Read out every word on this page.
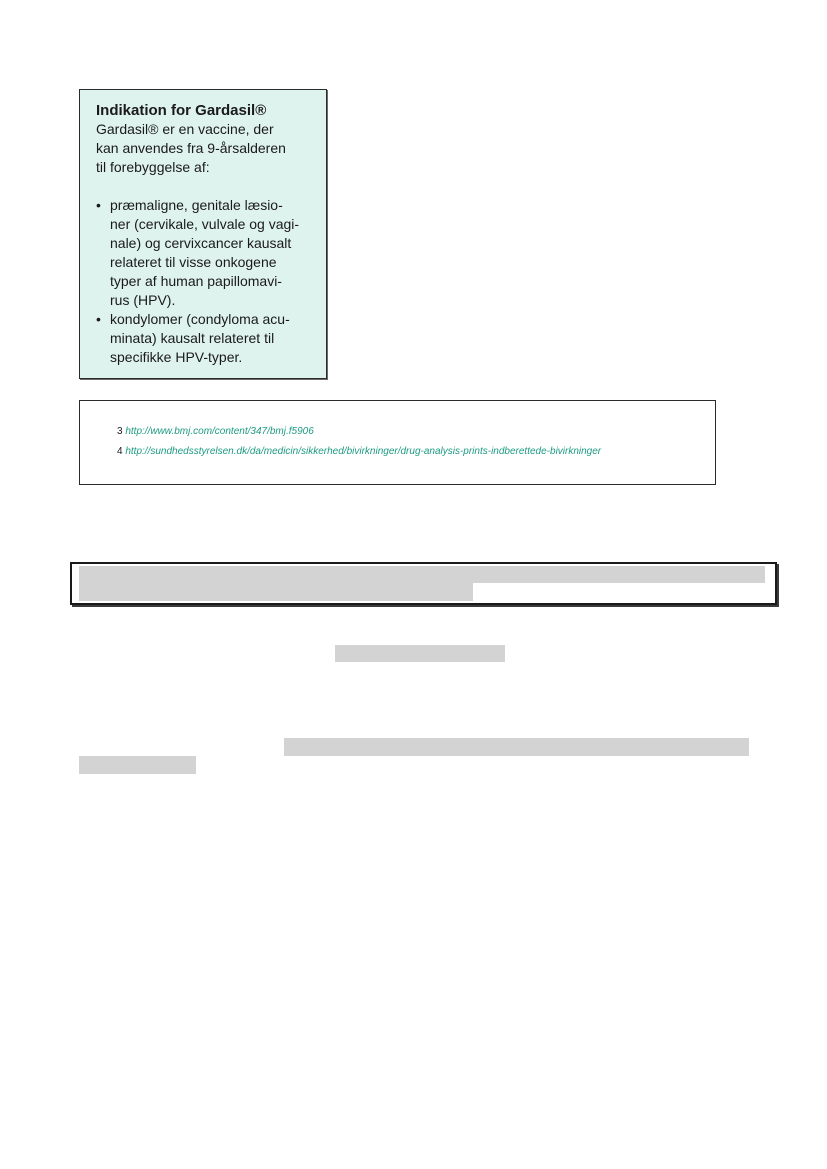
Indikation for Gardasil®

Gardasil® er en vaccine, der

kan anvendes fra 9-årsalderen

til forebyggelse af:

• præmaligne, genitale læsio-
ner (cervikale, vulvale og vagi-
nale) og cervixcancer kausalt
relateret til visse onkogene
typer af human papillomavi-
rus (HPV).
• kondylomer (condyloma acu-
minata) kausalt relateret til
specifikke HPV-typer.
3 http://www.bmj.com/content/347/bmj.f5906
4 http://sundhedsstyrelsen.dk/da/medicin/sikkerhed/bivirkninger/drug-analysis-prints-indberettede-bivirkninger
